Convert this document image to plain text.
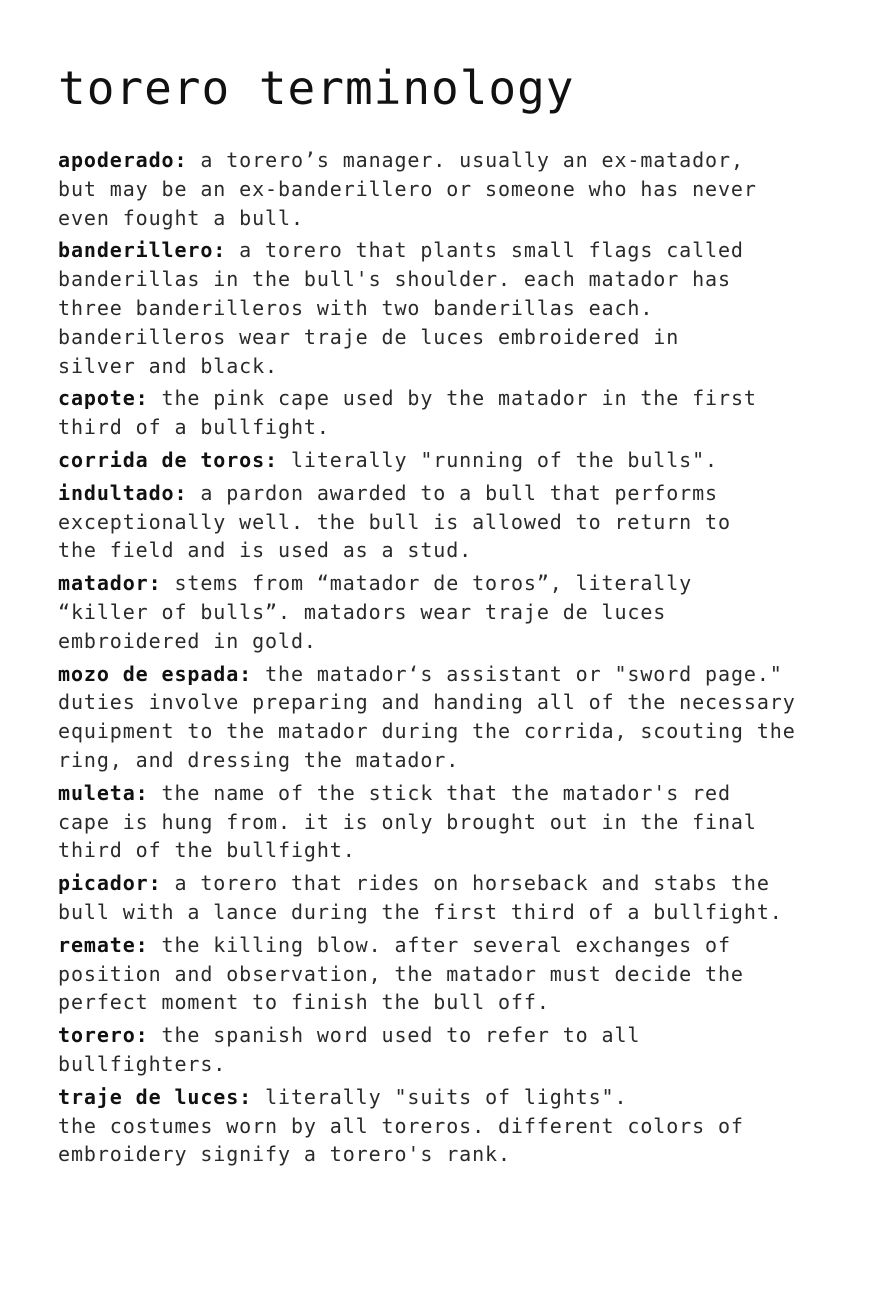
torero terminology

apoderado: a torero’s manager. usually an ex-matador,
but may be an ex-banderillero or someone who has never
even fought a bull.

banderillero: a torero that plants small flags called
banderillas in the bull's shoulder. each matador has
three banderilleros with two banderillas each.
banderilleros wear traje de luces embroidered in
silver and black.

capote: the pink cape used by the matador in the first
third of a bullfight.

corrida de toros: literally "running of the bulls".

indultado: a pardon awarded to a bull that performs
exceptionally well. the bull is allowed to return to
the field and is used as a stud.

matador: stems from “matador de toros”, literally
“killer of bulls”. matadors wear traje de luces
embroidered in gold.

mozo de espada: the matador‘s assistant or "sword page."
duties involve preparing and handing all of the necessary
equipment to the matador during the corrida, scouting the
ring, and dressing the matador.

muleta: the name of the stick that the matador's red
cape is hung from. it is only brought out in the final
third of the bullfight.

picador: a torero that rides on horseback and stabs the
bull with a lance during the first third of a bullfight.

remate: the killing blow. after several exchanges of
position and observation, the matador must decide the
perfect moment to finish the bull off.

torero: the spanish word used to refer to all
bullfighters.

traje de luces: literally "suits of lights".
the costumes worn by all toreros. different colors of
embroidery signify a torero's rank.
